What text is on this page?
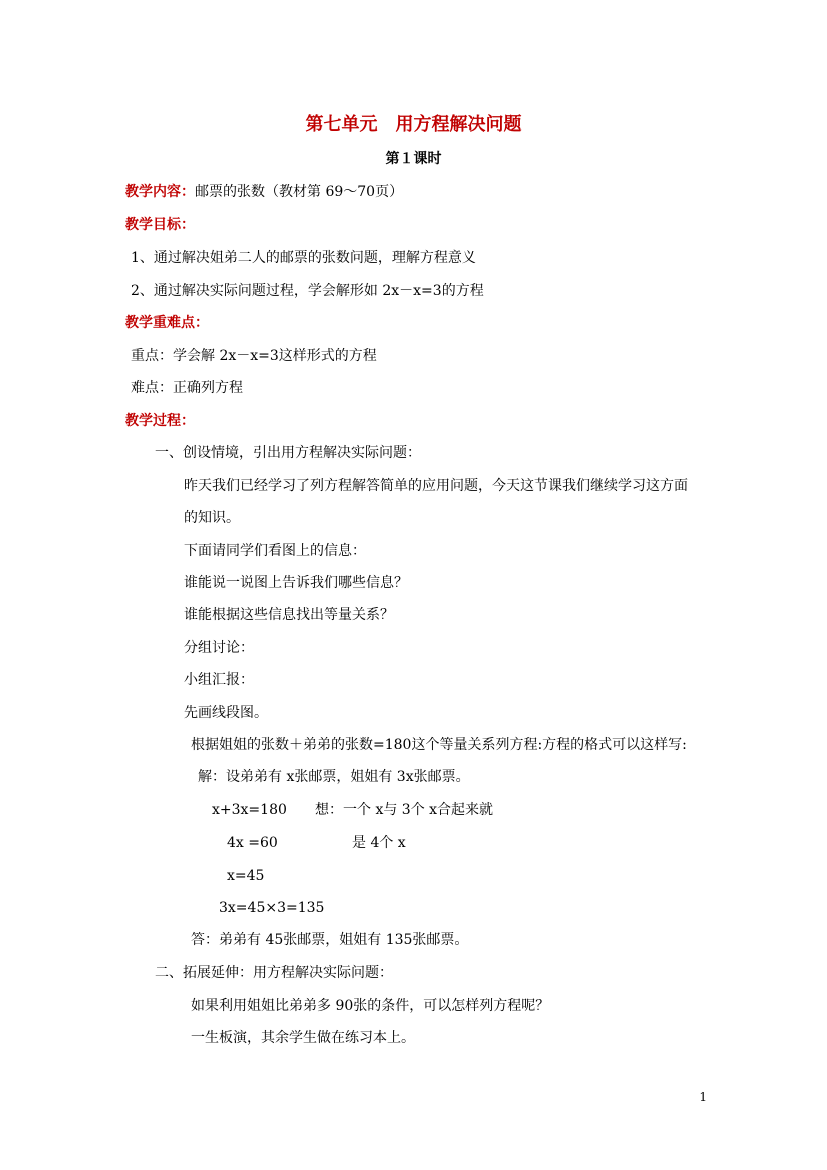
第七单元　用方程解决问题
第１课时
教学内容：邮票的张数（教材第 69～70页）
教学目标：
1、通过解决姐弟二人的邮票的张数问题，理解方程意义
2、通过解决实际问题过程，学会解形如 2x－x=3的方程
教学重难点：
重点：学会解 2x－x=3这样形式的方程
难点：正确列方程
教学过程：
一、创设情境，引出用方程解决实际问题：
昨天我们已经学习了列方程解答简单的应用问题，今天这节课我们继续学习这方面
的知识。
下面请同学们看图上的信息：
谁能说一说图上告诉我们哪些信息？
谁能根据这些信息找出等量关系？
分组讨论：
小组汇报：
先画线段图。
根据姐姐的张数＋弟弟的张数=180这个等量关系列方程:方程的格式可以这样写:
解：设弟弟有 x张邮票，姐姐有 3x张邮票。
x+3x=180 想：一个 x与 3个 x合起来就
4x =60	是 4个 x
x=45
3x=45×3=135
答：弟弟有 45张邮票，姐姐有 135张邮票。
二、拓展延伸：用方程解决实际问题：
如果利用姐姐比弟弟多 90张的条件，可以怎样列方程呢？
一生板演，其余学生做在练习本上。
1
